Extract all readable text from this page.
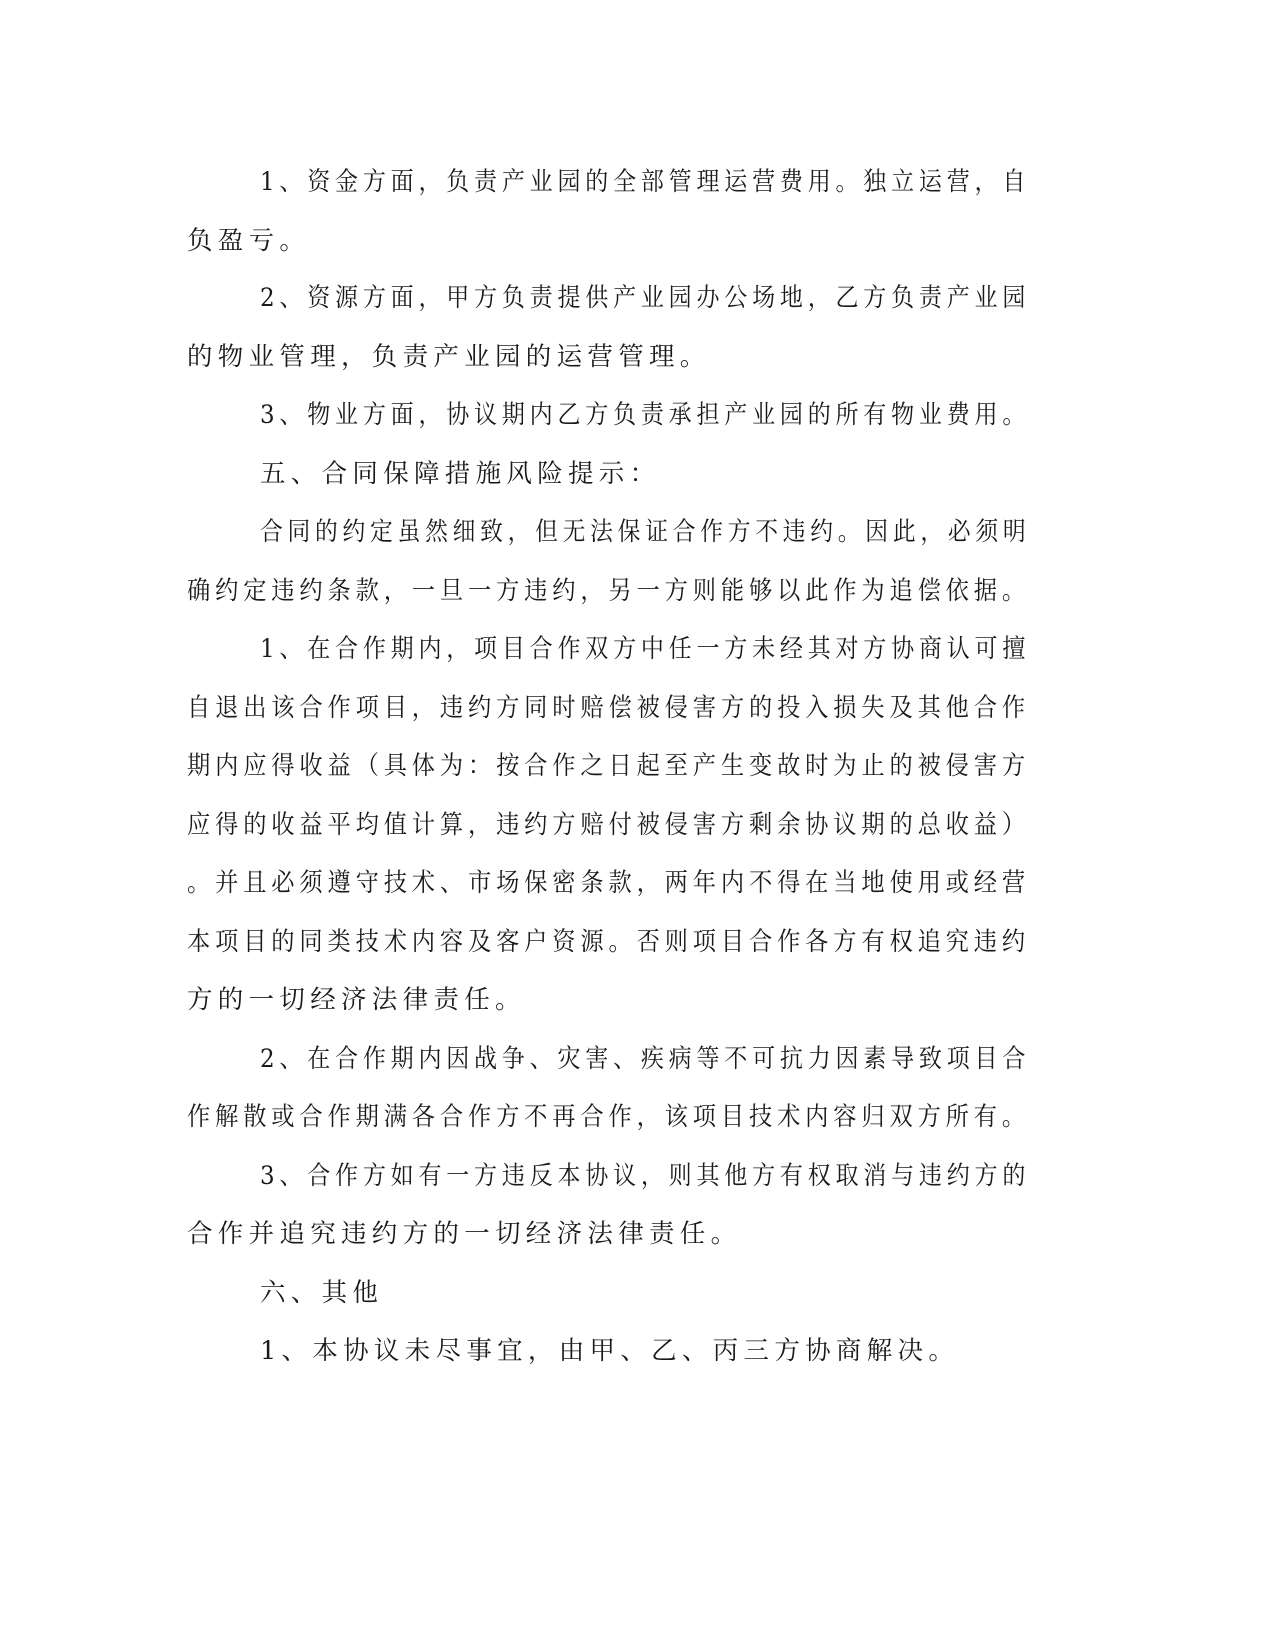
1、资金方面，负责产业园的全部管理运营费用。独立运营，自
负盈亏。
2、资源方面，甲方负责提供产业园办公场地，乙方负责产业园
的物业管理，负责产业园的运营管理。
3、物业方面，协议期内乙方负责承担产业园的所有物业费用。
五、合同保障措施风险提示：
合同的约定虽然细致，但无法保证合作方不违约。因此，必须明
确约定违约条款，一旦一方违约，另一方则能够以此作为追偿依据。
1、在合作期内，项目合作双方中任一方未经其对方协商认可擅
自退出该合作项目，违约方同时赔偿被侵害方的投入损失及其他合作
期内应得收益（具体为：按合作之日起至产生变故时为止的被侵害方
应得的收益平均值计算，违约方赔付被侵害方剩余协议期的总收益）
。并且必须遵守技术、市场保密条款，两年内不得在当地使用或经营
本项目的同类技术内容及客户资源。否则项目合作各方有权追究违约
方的一切经济法律责任。
2、在合作期内因战争、灾害、疾病等不可抗力因素导致项目合
作解散或合作期满各合作方不再合作，该项目技术内容归双方所有。
3、合作方如有一方违反本协议，则其他方有权取消与违约方的
合作并追究违约方的一切经济法律责任。
六、其他
1、本协议未尽事宜，由甲、乙、丙三方协商解决。
